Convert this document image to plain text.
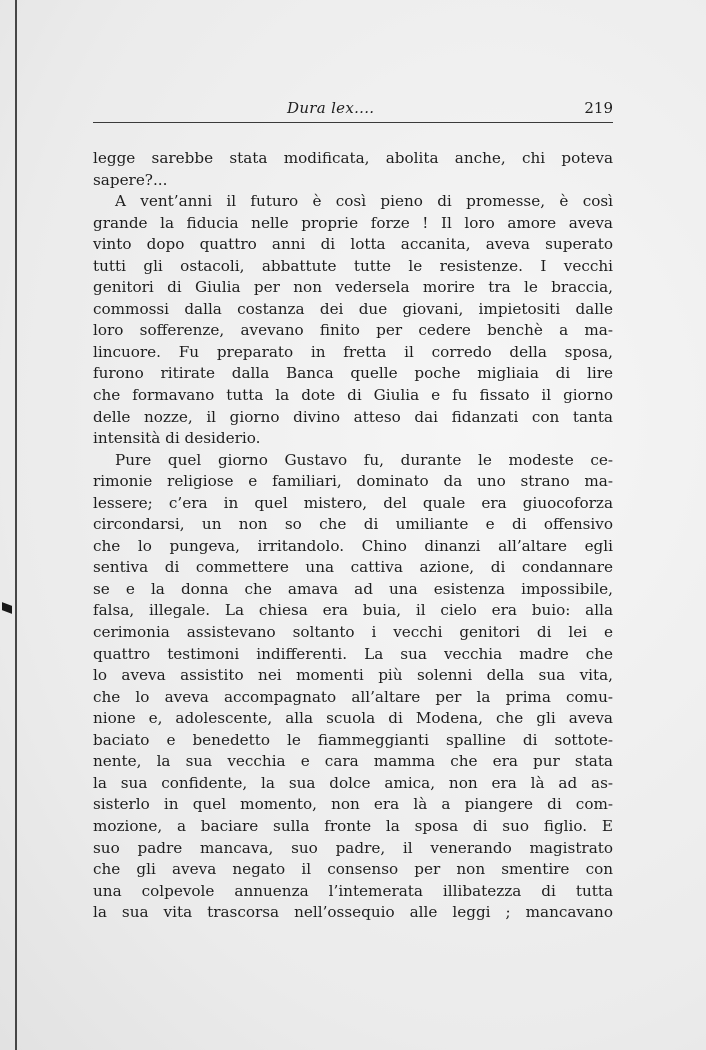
Dura lex....	219
legge sarebbe stata modificata, abolita anche, chi poteva
sapere?...
A vent’anni il futuro è così pieno di promesse, è così
grande la fiducia nelle proprie forze ! Il loro amore aveva
vinto dopo quattro anni di lotta accanita, aveva superato
tutti gli ostacoli, abbattute tutte le resistenze. I vecchi
genitori di Giulia per non vedersela morire tra le braccia,
commossi dalla costanza dei due giovani, impietositi dalle
loro sofferenze, avevano finito per cedere benchè a ma-
lincuore. Fu preparato in fretta il corredo della sposa,
furono ritirate dalla Banca quelle poche migliaia di lire
che formavano tutta la dote di Giulia e fu fissato il giorno
delle nozze, il giorno divino atteso dai fidanzati con tanta
intensità di desiderio.
Pure quel giorno Gustavo fu, durante le modeste ce-
rimonie religiose e familiari, dominato da uno strano ma-
lessere; c’era in quel mistero, del quale era giuocoforza
circondarsi, un non so che di umiliante e di offensivo
che lo pungeva, irritandolo. Chino dinanzi all’altare egli
sentiva di commettere una cattiva azione, di condannare
se e la donna che amava ad una esistenza impossibile,
falsa, illegale. La chiesa era buia, il cielo era buio: alla
cerimonia assistevano soltanto i vecchi genitori di lei e
quattro testimoni indifferenti. La sua vecchia madre che
lo aveva assistito nei momenti più solenni della sua vita,
che lo aveva accompagnato all’altare per la prima comu-
nione e, adolescente, alla scuola di Modena, che gli aveva
baciato e benedetto le fiammeggianti spalline di sottote-
nente, la sua vecchia e cara mamma che era pur stata
la sua confidente, la sua dolce amica, non era là ad as-
sisterlo in quel momento, non era là a piangere di com-
mozione, a baciare sulla fronte la sposa di suo figlio. E
suo padre mancava, suo padre, il venerando magistrato
che gli aveva negato il consenso per non smentire con
una colpevole annuenza l’intemerata illibatezza di tutta
la sua vita trascorsa nell’ossequio alle leggi ; mancavano
